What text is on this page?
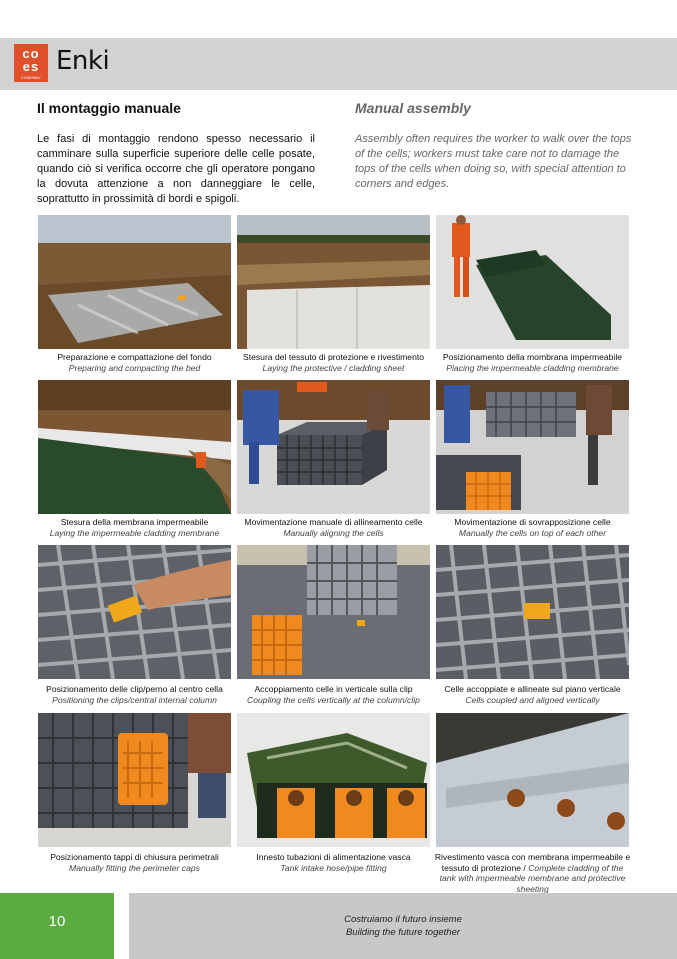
co
es
COMPANY
Enki
Il montaggio manuale	Manual assembly
Le fasi di montaggio rendono spesso necessario il camminare sulla superficie superiore delle celle posate, quando ciò si verifica occorre che gli operatore pongano la dovuta attenzione a non danneggiare le celle, soprattutto in prossimità di bordi e spigoli.
Assembly often requires the worker to walk over the tops of the cells; workers must take care not to damage the tops of the cells when doing so, with special attention to corners and edges.
Preparazione e compattazione del fondo
Preparing and compacting the bed
Stesura del tessuto di protezione e rivestimento
Laying the protective / cladding sheet
Posizionamento della mombrana impermeabile
Placing the impermeable cladding membrane
Stesura della membrana impermeabile
Laying the impermeable cladding membrane
Movimentazione manuale di allineamento celle
Manually aligning the cells
Movimentazione di sovrapposizione celle
Manually the cells on top of each other
Posizionamento delle clip/perno al centro cella
Positioning the clips/central internal column
Accoppiamento celle in verticale sulla clip
Coupling the cells vertically at the column/clip
Celle accoppiate e allineate sul piano verticale
Cells coupled and aligned vertically
Posizionamento tappi di chiusura perimetrali
Manually fitting the perimeter caps
Innesto tubazioni di alimentazione vasca
Tank intake hose/pipe fitting
Rivestimento vasca con membrana impermeabile e tessuto di protezione / Complete cladding of the tank with impermeable membrane and protective sheeting
10	Costruiamo il futuro insieme
Building the future together
